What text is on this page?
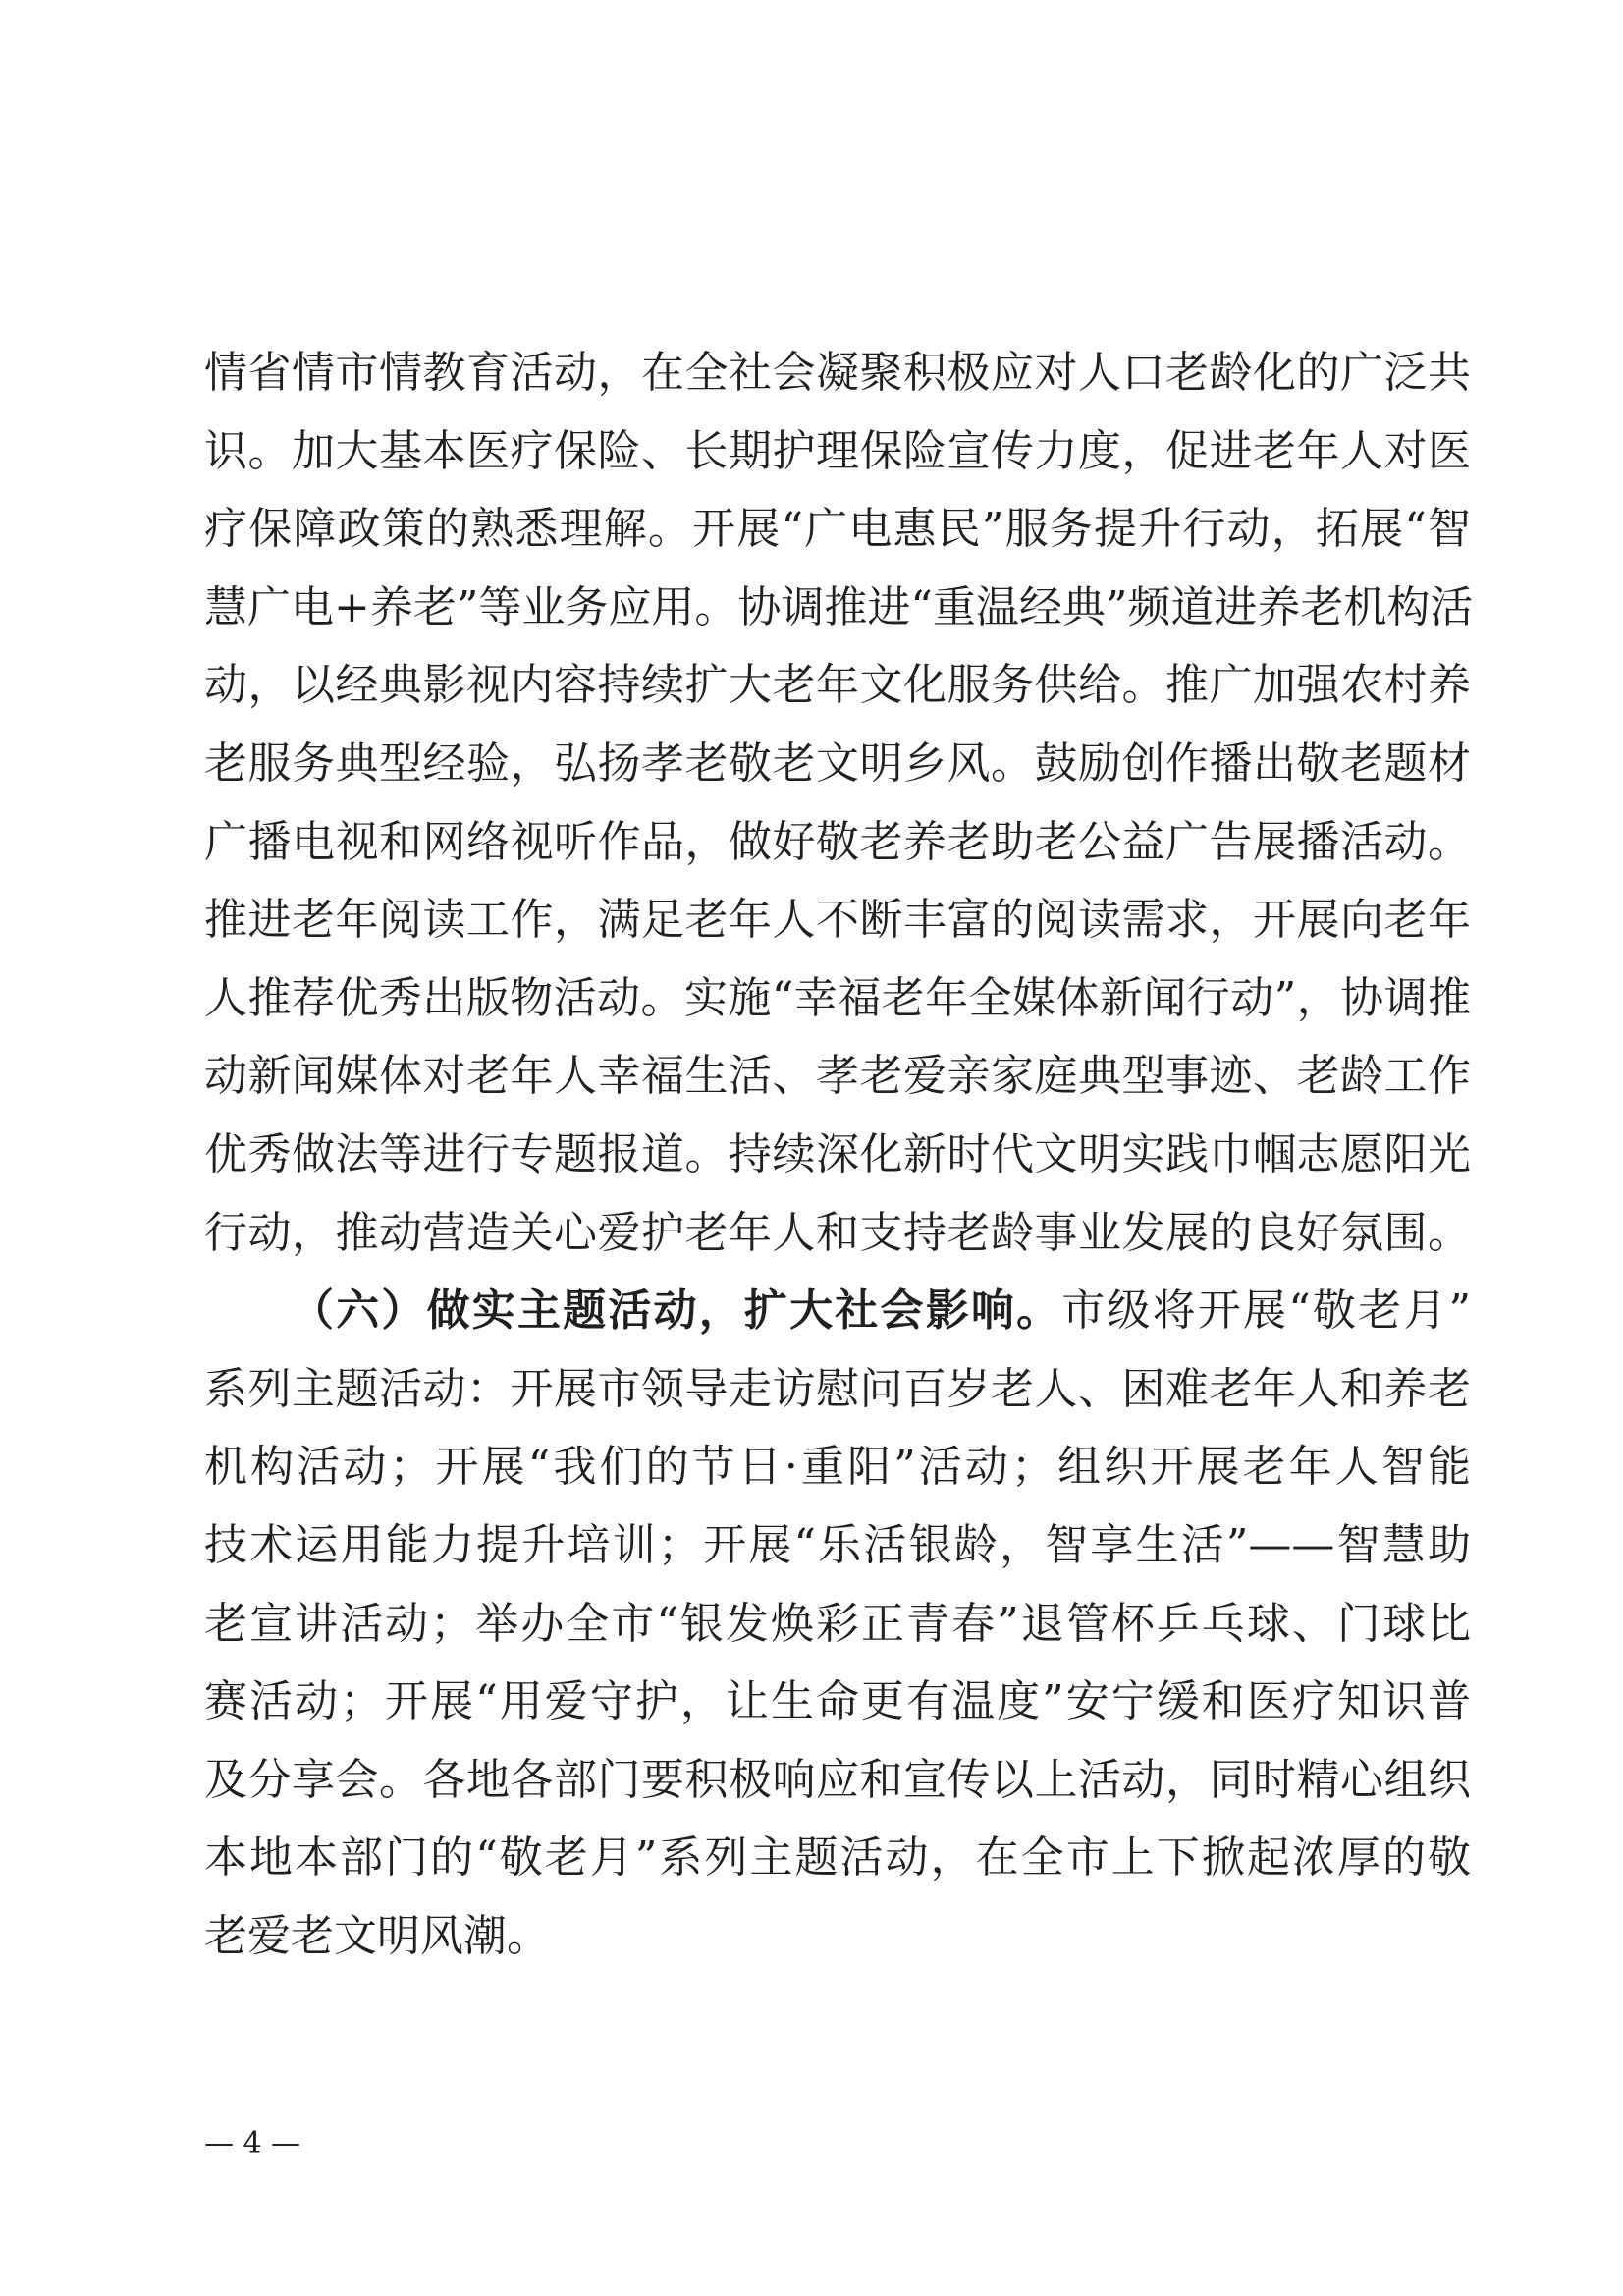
情省情市情教育活动，在全社会凝聚积极应对人口老龄化的广泛共
识。加大基本医疗保险、长期护理保险宣传力度，促进老年人对医
疗保障政策的熟悉理解。开展“广电惠民”服务提升行动，拓展“智
慧广电+养老”等业务应用。协调推进“重温经典”频道进养老机构活
动，以经典影视内容持续扩大老年文化服务供给。推广加强农村养
老服务典型经验，弘扬孝老敬老文明乡风。鼓励创作播出敬老题材
广播电视和网络视听作品，做好敬老养老助老公益广告展播活动。
推进老年阅读工作，满足老年人不断丰富的阅读需求，开展向老年
人推荐优秀出版物活动。实施“幸福老年全媒体新闻行动”，协调推
动新闻媒体对老年人幸福生活、孝老爱亲家庭典型事迹、老龄工作
优秀做法等进行专题报道。持续深化新时代文明实践巾帼志愿阳光
行动，推动营造关心爱护老年人和支持老龄事业发展的良好氛围。
（六）做实主题活动，扩大社会影响。市级将开展“敬老月”
系列主题活动：开展市领导走访慰问百岁老人、困难老年人和养老
机构活动；开展“我们的节日·重阳”活动；组织开展老年人智能
技术运用能力提升培训；开展“乐活银龄，智享生活”——智慧助
老宣讲活动；举办全市“银发焕彩正青春”退管杯乒乓球、门球比
赛活动；开展“用爱守护，让生命更有温度”安宁缓和医疗知识普
及分享会。各地各部门要积极响应和宣传以上活动，同时精心组织
本地本部门的“敬老月”系列主题活动，在全市上下掀起浓厚的敬
老爱老文明风潮。
— 4 —
